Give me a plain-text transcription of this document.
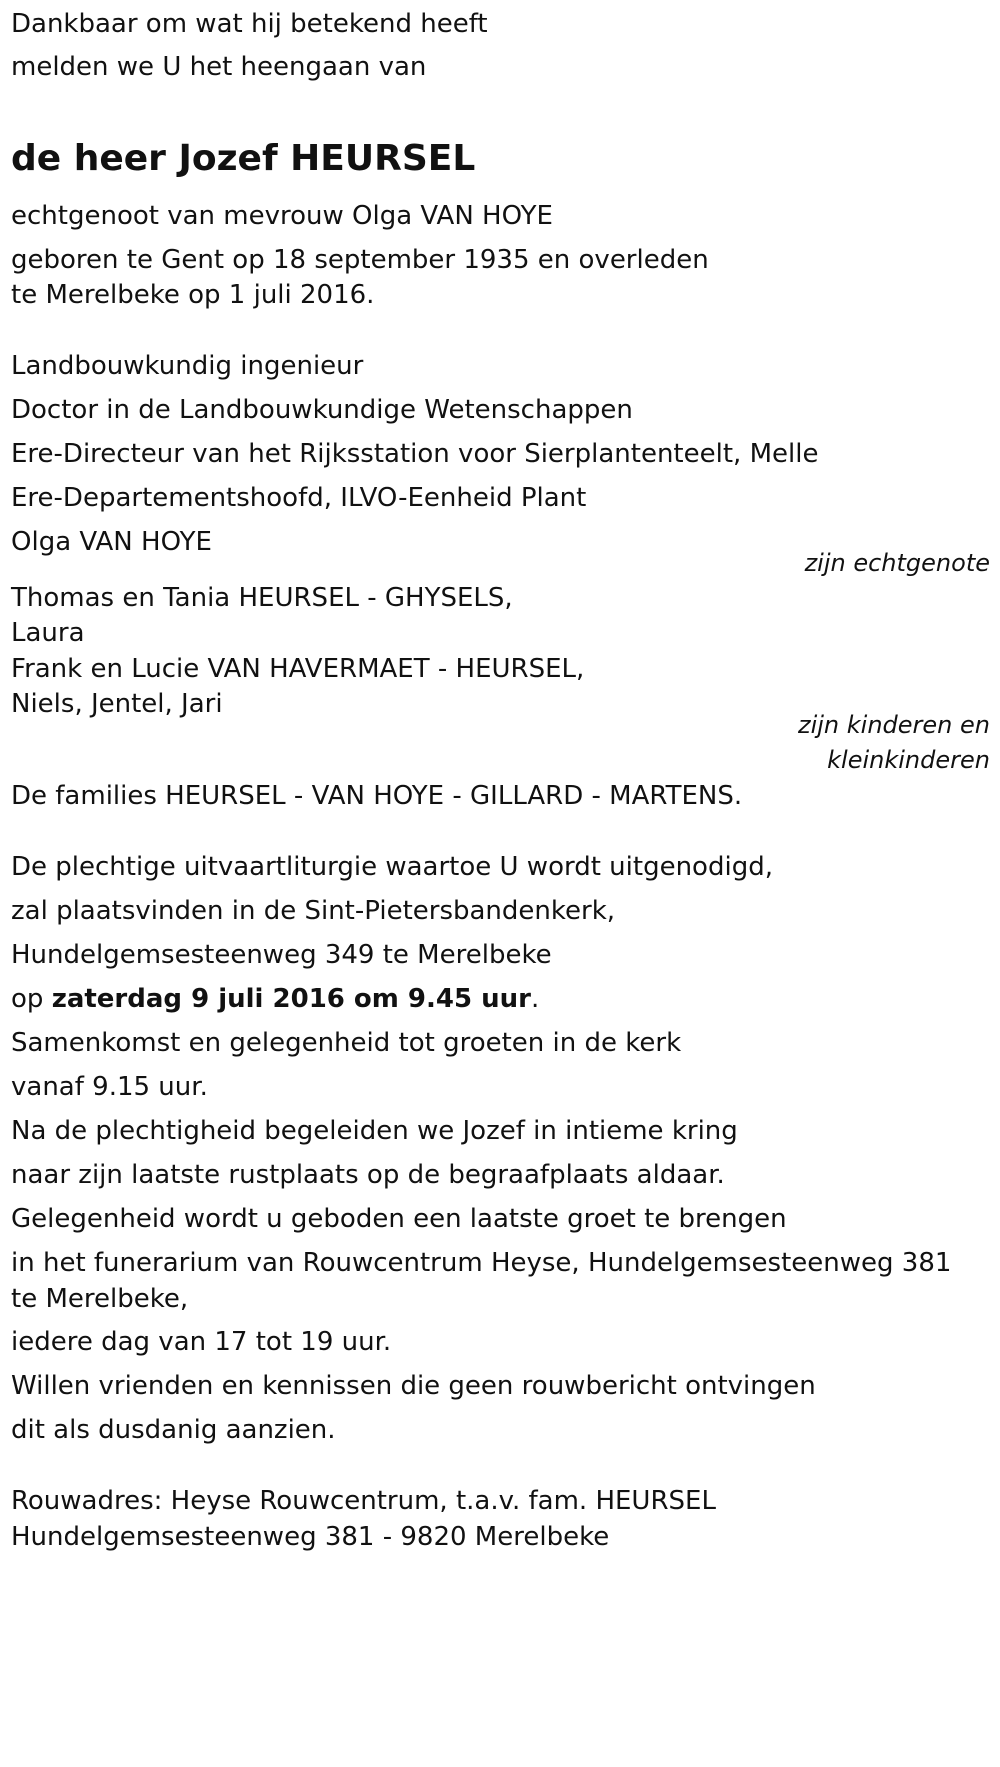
Dankbaar om wat hij betekend heeft

melden we U het heengaan van

de heer Jozef HEURSEL

echtgenoot van mevrouw Olga VAN HOYE

geboren te Gent op 18 september 1935 en overleden

te Merelbeke op 1 juli 2016.

Landbouwkundig ingenieur

Doctor in de Landbouwkundige Wetenschappen

Ere-Directeur van het Rijksstation voor Sierplantenteelt, Melle

Ere-Departementshoofd, ILVO-Eenheid Plant

Olga VAN HOYE

zijn echtgenote

Thomas en Tania HEURSEL - GHYSELS,

Laura

Frank en Lucie VAN HAVERMAET - HEURSEL,

Niels, Jentel, Jari

zijn kinderen en

kleinkinderen

De families HEURSEL - VAN HOYE - GILLARD - MARTENS.

De plechtige uitvaartliturgie waartoe U wordt uitgenodigd,

zal plaatsvinden in de Sint-Pietersbandenkerk,

Hundelgemsesteenweg 349 te Merelbeke

op zaterdag 9 juli 2016 om 9.45 uur.

Samenkomst en gelegenheid tot groeten in de kerk

vanaf 9.15 uur.

Na de plechtigheid begeleiden we Jozef in intieme kring

naar zijn laatste rustplaats op de begraafplaats aldaar.

Gelegenheid wordt u geboden een laatste groet te brengen

in het funerarium van Rouwcentrum Heyse, Hundelgemsesteenweg 381

te Merelbeke,

iedere dag van 17 tot 19 uur.

Willen vrienden en kennissen die geen rouwbericht ontvingen

dit als dusdanig aanzien.

Rouwadres: Heyse Rouwcentrum, t.a.v. fam. HEURSEL

Hundelgemsesteenweg 381 - 9820 Merelbeke
